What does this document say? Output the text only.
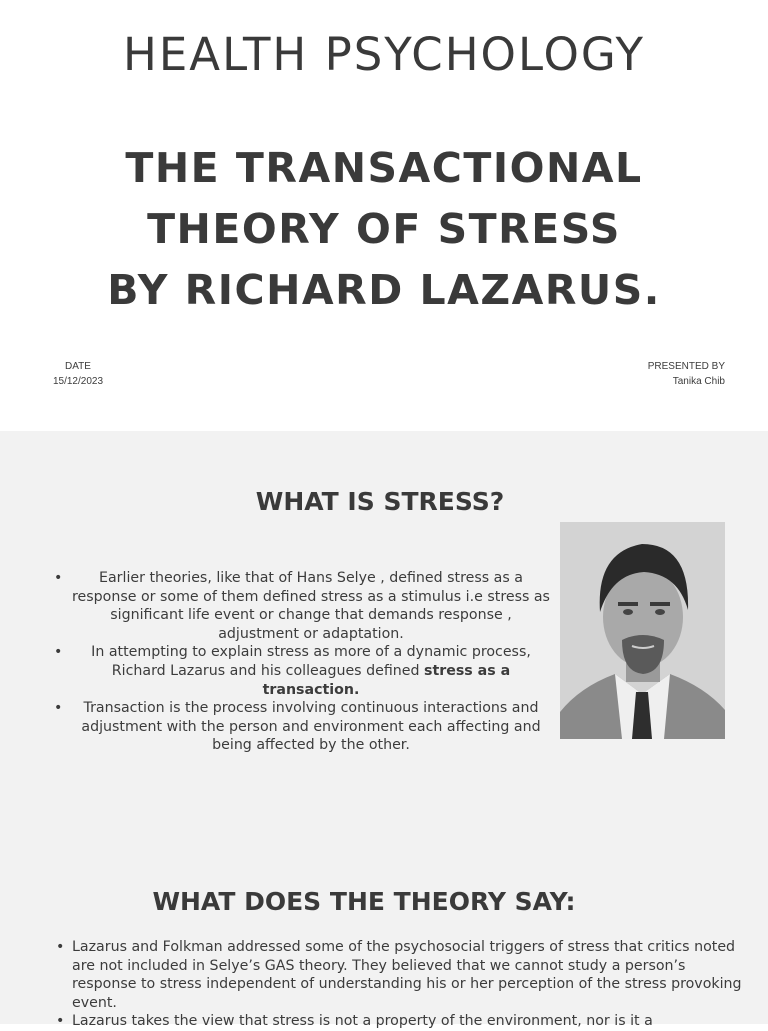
HEALTH PSYCHOLOGY
THE TRANSACTIONAL
THEORY OF STRESS
BY RICHARD LAZARUS.
DATE
15/12/2023
PRESENTED BY
Tanika Chib
WHAT IS STRESS?
• Earlier theories, like that of Hans Selye , defined stress as a response or some of them defined stress as a stimulus i.e stress as significant life event or change that demands response , adjustment or adaptation.
• In attempting to explain stress as more of a dynamic process, Richard Lazarus and his colleagues defined stress as a transaction.
• Transaction is the process involving continuous interactions and adjustment with the person and environment each affecting and being affected by the other.
WHAT DOES THE THEORY SAY:
• Lazarus and Folkman addressed some of the psychosocial triggers of stress that critics noted are not included in Selye’s GAS theory. They believed that we cannot study a person’s response to stress independent of understanding his or her perception of the stress provoking event.
• Lazarus takes the view that stress is not a property of the environment, nor is it a
